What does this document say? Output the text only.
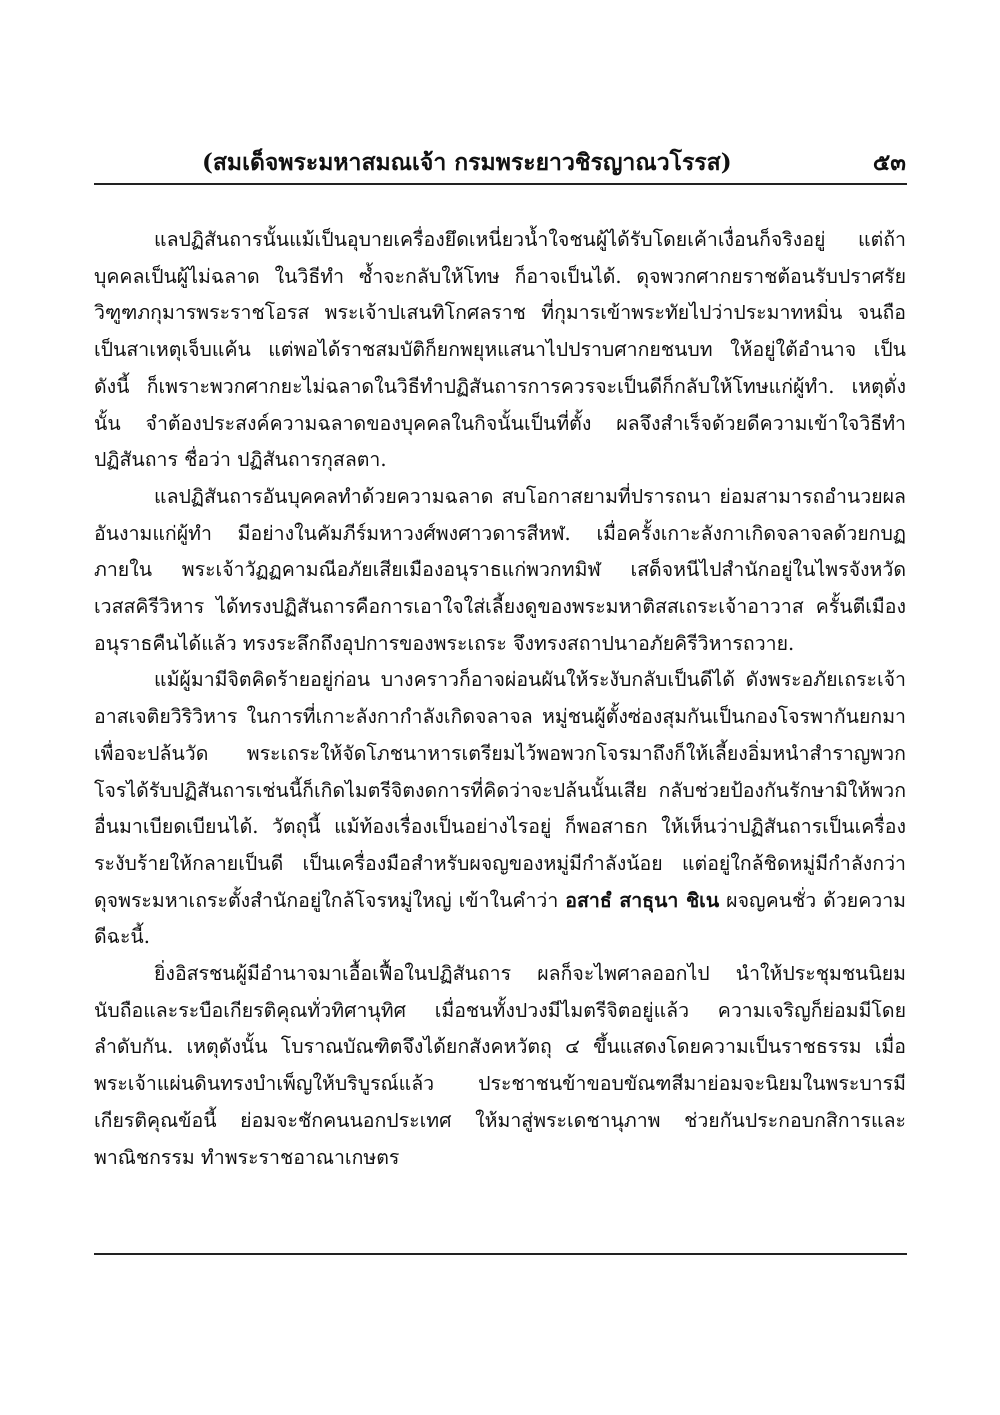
(สมเด็จพระมหาสมณเจ้า กรมพระยาวชิรญาณวโรรส)	๕๓

แลปฏิสันถารนั้นแม้เป็นอุบายเครื่องยึดเหนี่ยวน้ำใจชนผู้ได้รับโดยเค้าเงื่อนก็จริงอยู่ แต่ถ้าบุคคลเป็นผู้ไม่ฉลาด ในวิธีทำ ซ้ำจะกลับให้โทษ ก็อาจเป็นได้. ดุจพวกศากยราชต้อนรับปราศรัยวิฑูฑภกุมารพระราชโอรส พระเจ้าปเสนทิโกศลราช ที่กุมารเข้าพระทัยไปว่าประมาทหมิ่น จนถือเป็นสาเหตุเจ็บแค้น แต่พอได้ราชสมบัติก็ยกพยุหแสนาไปปราบศากยชนบท ให้อยู่ใต้อำนาจ เป็นดังนี้ ก็เพราะพวกศากยะไม่ฉลาดในวิธีทำปฏิสันถารการควรจะเป็นดีก็กลับให้โทษแก่ผู้ทำ. เหตุดั่งนั้น จำต้องประสงค์ความฉลาดของบุคคลในกิจนั้นเป็นที่ตั้ง ผลจึงสำเร็จด้วยดีความเข้าใจวิธีทำปฏิสันถาร ชื่อว่า ปฏิสันถารกุสลตา.

แลปฏิสันถารอันบุคคลทำด้วยความฉลาด สบโอกาสยามที่ปรารถนา ย่อมสามารถอำนวยผลอันงามแก่ผู้ทำ มีอย่างในคัมภีร์มหาวงศ์พงศาวดารสีหฬ. เมื่อครั้งเกาะลังกาเกิดจลาจลด้วยกบฏภายใน พระเจ้าวัฏฏคามณีอภัยเสียเมืองอนุราธแก่พวกทมิฬ เสด็จหนีไปสำนักอยู่ในไพรจังหวัดเวสสคิรีวิหาร ได้ทรงปฏิสันถารคือการเอาใจใส่เลี้ยงดูของพระมหาติสสเถระเจ้าอาวาส ครั้นตีเมืองอนุราธคืนได้แล้ว ทรงระลึกถึงอุปการของพระเถระ จึงทรงสถาปนาอภัยคิรีวิหารถวาย.

แม้ผู้มามีจิตคิดร้ายอยู่ก่อน บางคราวก็อาจผ่อนผันให้ระงับกลับเป็นดีได้ ดังพระอภัยเถระเจ้าอาสเจติยวิริวิหาร ในการที่เกาะลังกากำลังเกิดจลาจล หมู่ชนผู้ตั้งซ่องสุมกันเป็นกองโจรพากันยกมาเพื่อจะปล้นวัด พระเถระให้จัดโภชนาหารเตรียมไว้พอพวกโจรมาถึงก็ให้เลี้ยงอิ่มหนำสำราญพวกโจรได้รับปฏิสันถารเช่นนี้ก็เกิดไมตรีจิตงดการที่คิดว่าจะปล้นนั้นเสีย กลับช่วยป้องกันรักษามิให้พวกอื่นมาเบียดเบียนได้. วัตถุนี้ แม้ท้องเรื่องเป็นอย่างไรอยู่ ก็พอสาธก ให้เห็นว่าปฏิสันถารเป็นเครื่องระงับร้ายให้กลายเป็นดี เป็นเครื่องมือสำหรับผจญของหมู่มีกำลังน้อย แต่อยู่ใกล้ชิดหมู่มีกำลังกว่า ดุจพระมหาเถระตั้งสำนักอยู่ใกล้โจรหมู่ใหญ่ เข้าในคำว่า อสาธํ สาธุนา ชิเน ผจญคนชั่ว ด้วยความดีฉะนี้.

ยิ่งอิสรชนผู้มีอำนาจมาเอื้อเฟื้อในปฏิสันถาร ผลก็จะไพศาลออกไป นำให้ประชุมชนนิยมนับถือและระบือเกียรติคุณทั่วทิศานุทิศ เมื่อชนทั้งปวงมีไมตรีจิตอยู่แล้ว ความเจริญก็ย่อมมีโดยลำดับกัน. เหตุดังนั้น โบราณบัณฑิตจึงได้ยกสังคหวัตถุ ๔ ขึ้นแสดงโดยความเป็นราชธรรม เมื่อพระเจ้าแผ่นดินทรงบำเพ็ญให้บริบูรณ์แล้ว ประชาชนข้าขอบขัณฑสีมาย่อมจะนิยมในพระบารมีเกียรติคุณข้อนี้ ย่อมจะชักคนนอกประเทศ ให้มาสู่พระเดชานุภาพ ช่วยกันประกอบกสิการและพาณิชกรรม ทำพระราชอาณาเกษตร
